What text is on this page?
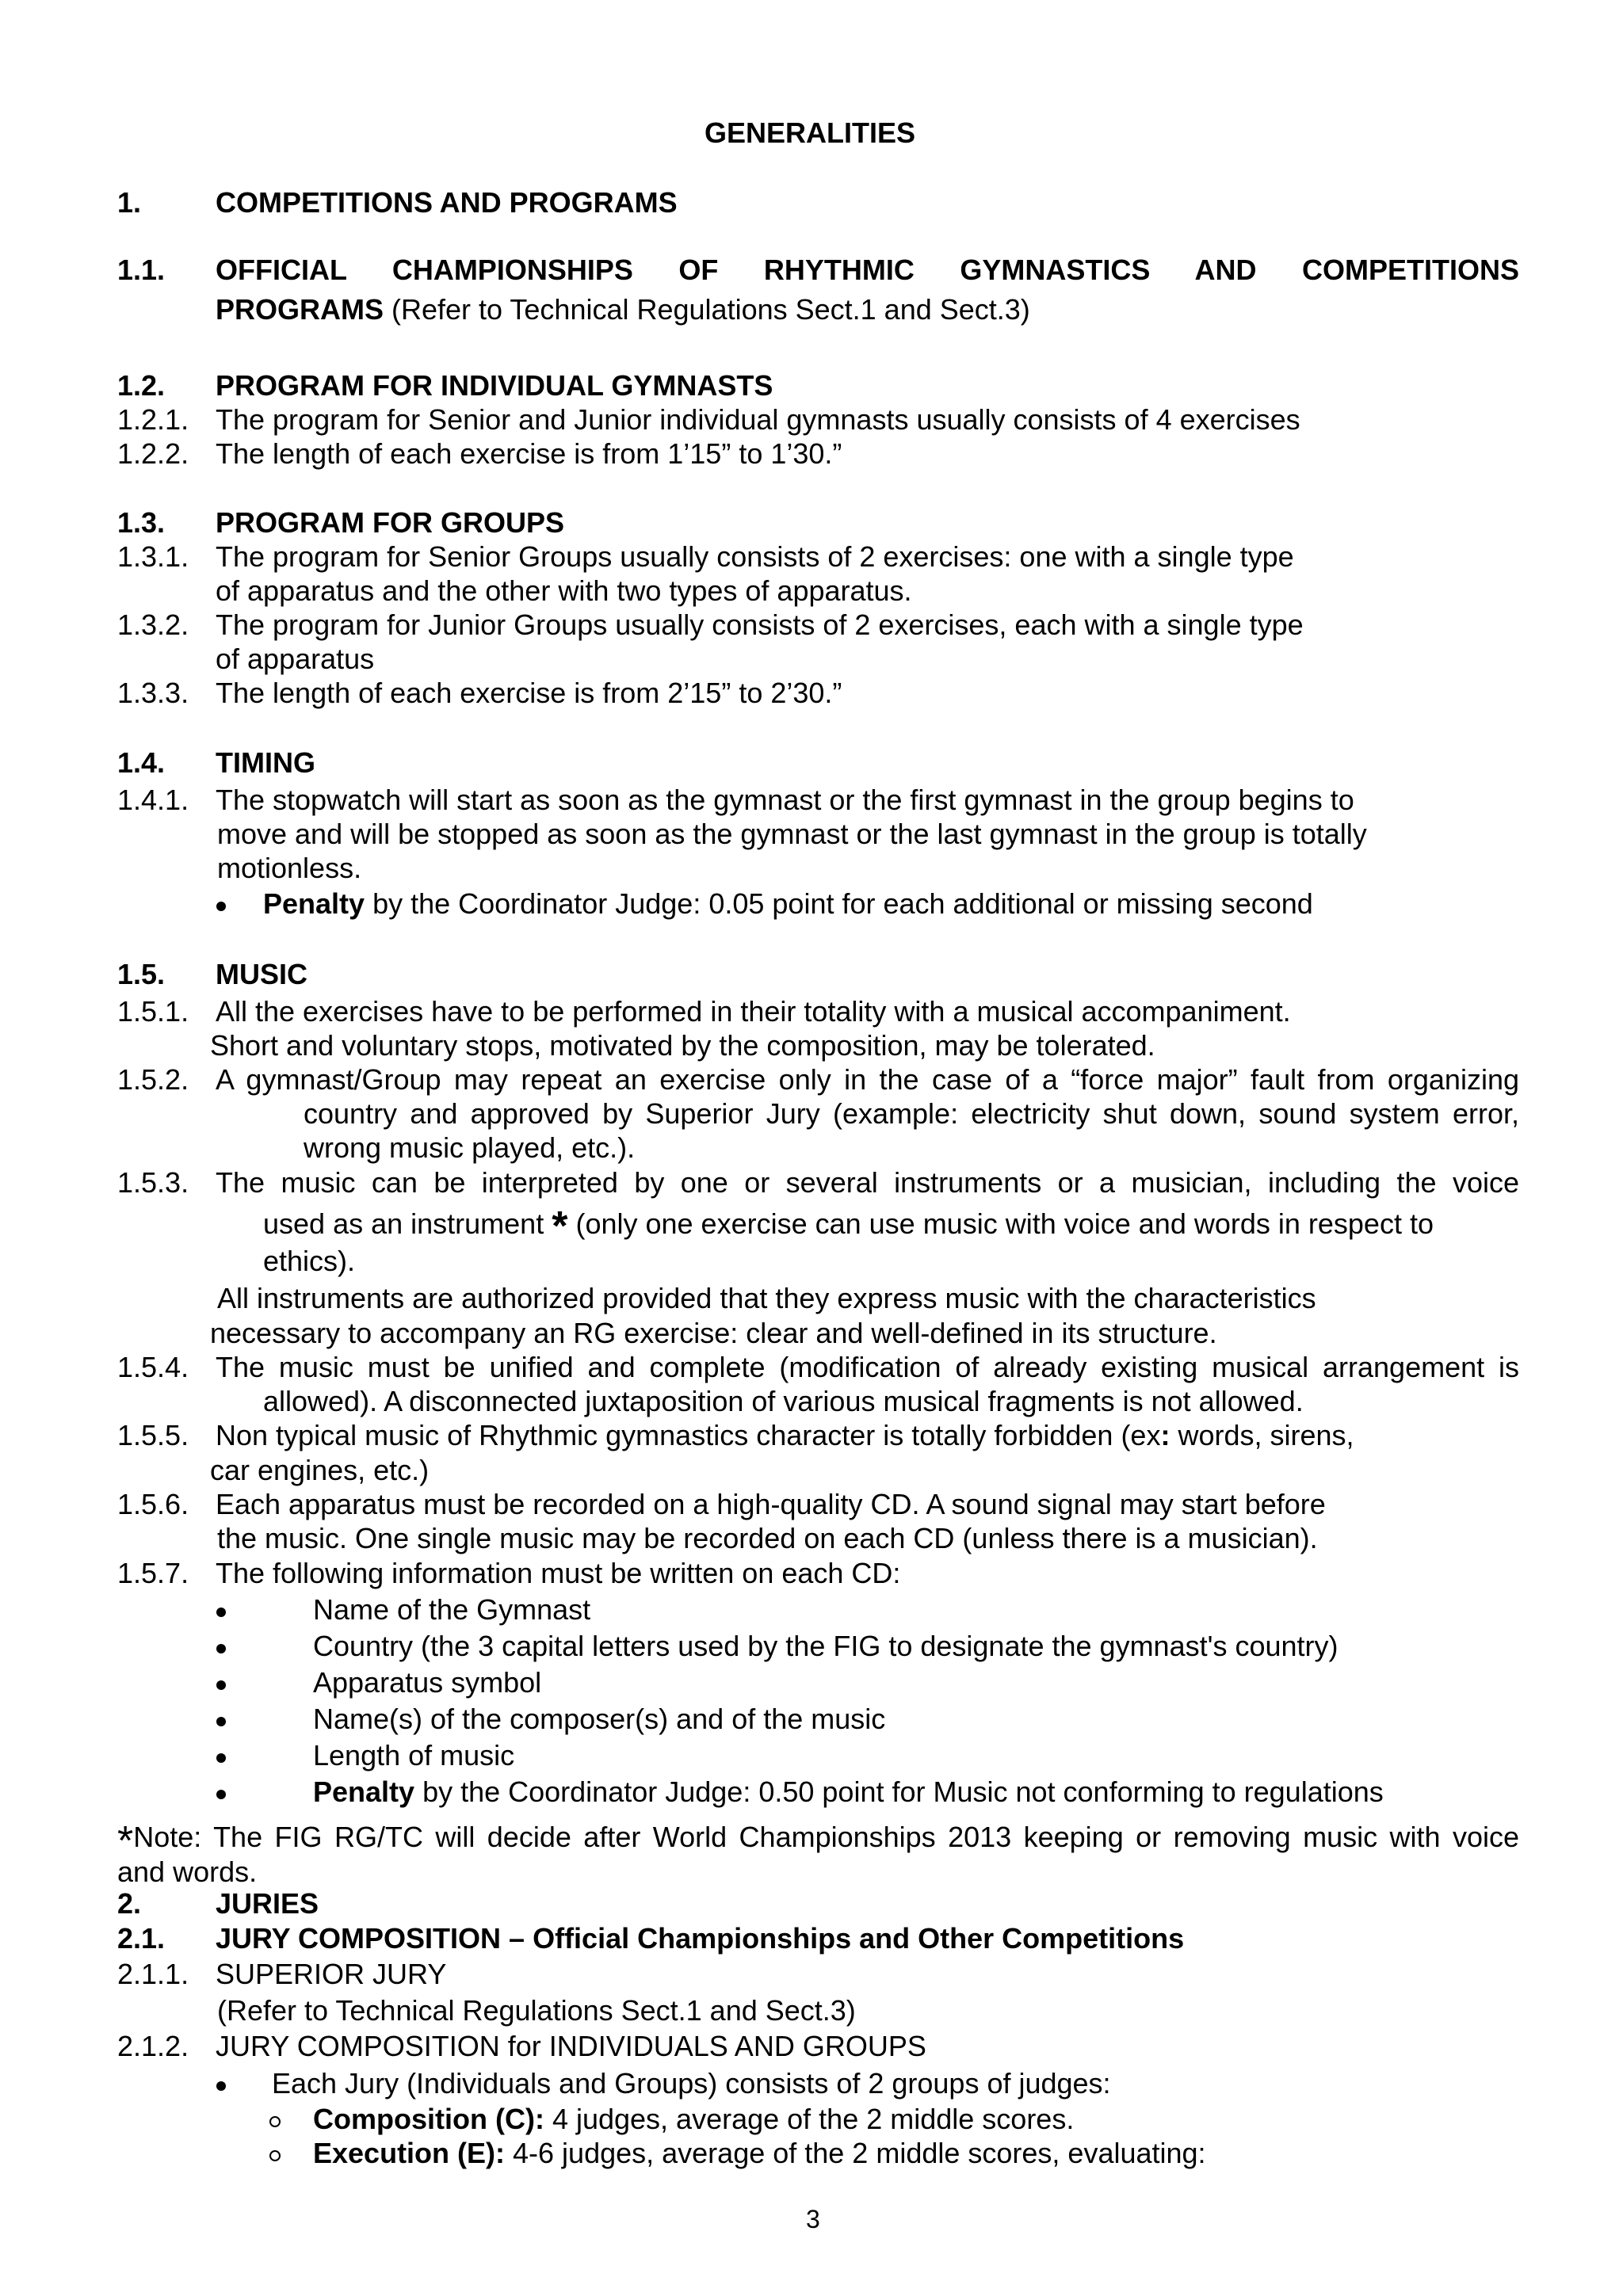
GENERALITIES
1.	COMPETITIONS AND PROGRAMS
1.1. OFFICIAL CHAMPIONSHIPS OF RHYTHMIC GYMNASTICS AND COMPETITIONS
PROGRAMS (Refer to Technical Regulations Sect.1 and Sect.3)
1.2. PROGRAM FOR INDIVIDUAL GYMNASTS
1.2.1. The program for Senior and Junior individual gymnasts usually consists of 4 exercises
1.2.2. The length of each exercise is from 1’15” to 1’30.”
1.3. PROGRAM FOR GROUPS
1.3.1. The program for Senior Groups usually consists of 2 exercises: one with a single type
of apparatus and the other with two types of apparatus.
1.3.2. The program for Junior Groups usually consists of 2 exercises, each with a single type
of apparatus
1.3.3. The length of each exercise is from 2’15” to 2’30.”
1.4. TIMING
1.4.1. The stopwatch will start as soon as the gymnast or the first gymnast in the group begins to
move and will be stopped as soon as the gymnast or the last gymnast in the group is totally
motionless.
Penalty by the Coordinator Judge: 0.05 point for each additional or missing second
1.5. MUSIC
1.5.1. All the exercises have to be performed in their totality with a musical accompaniment.
Short and voluntary stops, motivated by the composition, may be tolerated.
1.5.2. A gymnast/Group may repeat an exercise only in the case of a “force major” fault from organizing
country and approved by Superior Jury (example: electricity shut down, sound system error,
wrong music played, etc.).
1.5.3. The music can be interpreted by one or several instruments or a musician, including the voice
used as an instrument * (only one exercise can use music with voice and words in respect to
ethics).
All instruments are authorized provided that they express music with the characteristics
necessary to accompany an RG exercise: clear and well-defined in its structure.
1.5.4. The music must be unified and complete (modification of already existing musical arrangement is
allowed). A disconnected juxtaposition of various musical fragments is not allowed.
1.5.5. Non typical music of Rhythmic gymnastics character is totally forbidden (ex: words, sirens,
car engines, etc.)
1.5.6. Each apparatus must be recorded on a high-quality CD. A sound signal may start before
the music. One single music may be recorded on each CD (unless there is a musician).
1.5.7. The following information must be written on each CD:
Name of the Gymnast
Country (the 3 capital letters used by the FIG to designate the gymnast's country)
Apparatus symbol
Name(s) of the composer(s) and of the music
Length of music
Penalty by the Coordinator Judge: 0.50 point for Music not conforming to regulations
*Note: The FIG RG/TC will decide after World Championships 2013 keeping or removing music with voice
and words.
2.	JURIES
2.1. JURY COMPOSITION – Official Championships and Other Competitions
2.1.1. SUPERIOR JURY
(Refer to Technical Regulations Sect.1 and Sect.3)
2.1.2. JURY COMPOSITION for INDIVIDUALS AND GROUPS
Each Jury (Individuals and Groups) consists of 2 groups of judges:
Composition (C): 4 judges, average of the 2 middle scores.
Execution (E): 4-6 judges, average of the 2 middle scores, evaluating:
3
